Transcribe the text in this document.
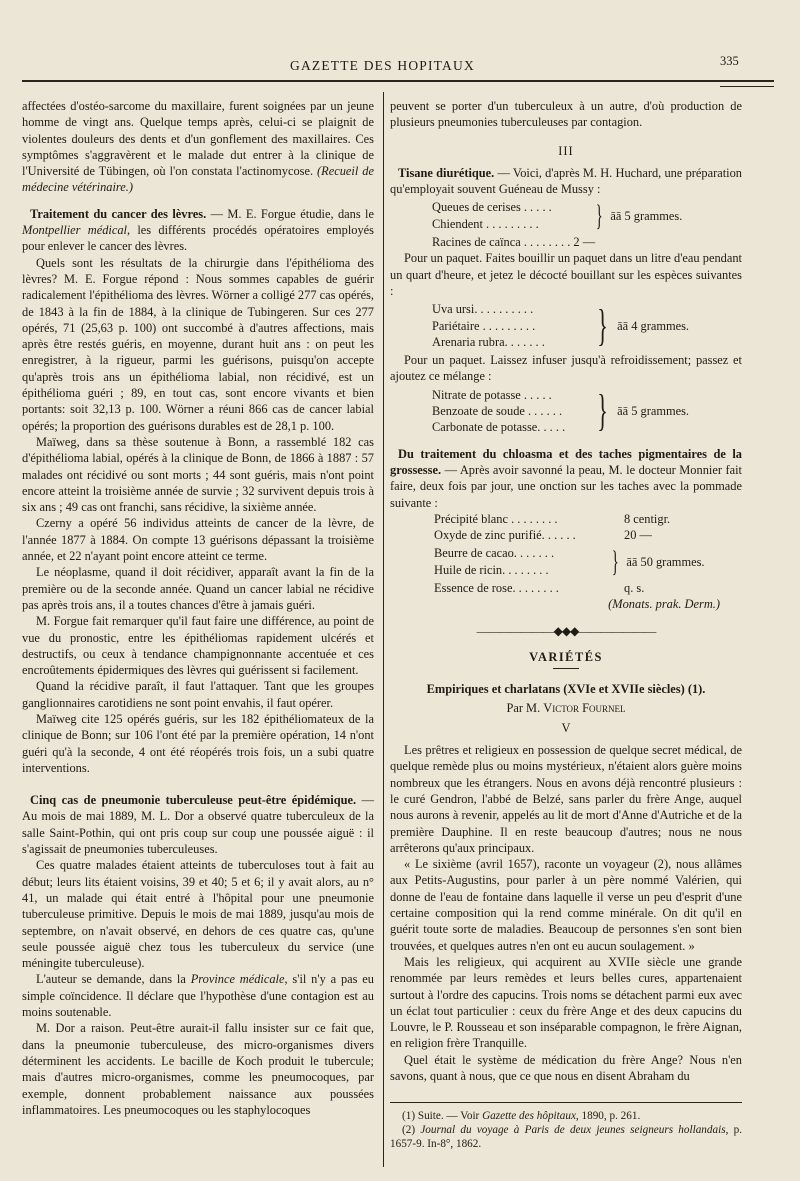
GAZETTE DES HOPITAUX	335

affectées d'ostéo-sarcome du maxillaire, furent soignées par un jeune homme de vingt ans. Quelque temps après, celui-ci se plaignit de violentes douleurs des dents et d'un gonflement des maxillaires. Ces symptômes s'aggravèrent et le malade dut entrer à la clinique de l'Université de Tübingen, où l'on constata l'actinomycose. (Recueil de médecine vétérinaire.)

Traitement du cancer des lèvres. — M. E. Forgue étudie, dans le Montpellier médical, les différents procédés opératoires employés pour enlever le cancer des lèvres.

Quels sont les résultats de la chirurgie dans l'épithélioma des lèvres? M. E. Forgue répond : Nous sommes capables de guérir radicalement l'épithélioma des lèvres. Wörner a colligé 277 cas opérés, de 1843 à la fin de 1884, à la clinique de Tubingeren. Sur ces 277 opérés, 71 (25,63 p. 100) ont succombé à d'autres affections, mais après être restés guéris, en moyenne, durant huit ans : on peut les enregistrer, à la rigueur, parmi les guérisons, puisqu'on accepte qu'après trois ans un épithélioma labial, non récidivé, est un épithélioma guéri ; 89, en tout cas, sont encore vivants et bien portants: soit 32,13 p. 100. Wörner a réuni 866 cas de cancer labial opérés; la proportion des guérisons durables est de 28,1 p. 100.

Maïweg, dans sa thèse soutenue à Bonn, a rassemblé 182 cas d'épithélioma labial, opérés à la clinique de Bonn, de 1866 à 1887 : 57 malades ont récidivé ou sont morts ; 44 sont guéris, mais n'ont point encore atteint la troisième année de survie ; 32 survivent depuis trois à six ans ; 49 cas ont franchi, sans récidive, la sixième année.

Czerny a opéré 56 individus atteints de cancer de la lèvre, de l'année 1877 à 1884. On compte 13 guérisons dépassant la troisième année, et 22 n'ayant point encore atteint ce terme.

Le néoplasme, quand il doit récidiver, apparaît avant la fin de la première ou de la seconde année. Quand un cancer labial ne récidive pas après trois ans, il a toutes chances d'être à jamais guéri.

M. Forgue fait remarquer qu'il faut faire une différence, au point de vue du pronostic, entre les épithéliomas rapidement ulcérés et destructifs, ou ceux à tendance champignonnante accentuée et ces encroûtements épidermiques des lèvres qui guérissent si facilement.

Quand la récidive paraît, il faut l'attaquer. Tant que les groupes ganglionnaires carotidiens ne sont point envahis, il faut opérer.

Maïweg cite 125 opérés guéris, sur les 182 épithéliomateux de la clinique de Bonn; sur 106 l'ont été par la première opération, 14 n'ont guéri qu'à la seconde, 4 ont été réopérés trois fois, un a subi quatre interventions.

Cinq cas de pneumonie tuberculeuse peut-être épidémique. — Au mois de mai 1889, M. L. Dor a observé quatre tuberculeux de la salle Saint-Pothin, qui ont pris coup sur coup une poussée aiguë : il s'agissait de pneumonies tuberculeuses.

Ces quatre malades étaient atteints de tuberculoses tout à fait au début; leurs lits étaient voisins, 39 et 40; 5 et 6; il y avait alors, au n° 41, un malade qui était entré à l'hôpital pour une pneumonie tuberculeuse primitive. Depuis le mois de mai 1889, jusqu'au mois de septembre, on n'avait observé, en dehors de ces quatre cas, qu'une seule poussée aiguë chez tous les tuberculeux du service (une méningite tuberculeuse).

L'auteur se demande, dans la Province médicale, s'il n'y a pas eu simple coïncidence. Il déclare que l'hypothèse d'une contagion est au moins soutenable.

M. Dor a raison. Peut-être aurait-il fallu insister sur ce fait que, dans la pneumonie tuberculeuse, des micro-organismes divers déterminent les accidents. Le bacille de Koch produit le tubercule; mais d'autres micro-organismes, comme les pneumocoques, par exemple, donnent probablement naissance aux poussées inflammatoires. Les pneumocoques ou les staphylocoques

peuvent se porter d'un tuberculeux à un autre, d'où production de plusieurs pneumonies tuberculeuses par contagion.

III
Tisane diurétique. — Voici, d'après M. H. Huchard, une préparation qu'employait souvent Guéneau de Mussy :
Queues de cerises . . . . .
Chiendent . . . . . . . . .	} āā 5 grammes.
Racines de caïnca . . . . . . . . 2 —

Pour un paquet. Faites bouillir un paquet dans un litre d'eau pendant un quart d'heure, et jetez le décocté bouillant sur les espèces suivantes :

Uva ursi. . . . . . . . . .
Pariétaire . . . . . . . . .
Arenaria rubra. . . . . . .	} āā 4 grammes.

Pour un paquet. Laissez infuser jusqu'à refroidissement; passez et ajoutez ce mélange :

Nitrate de potasse . . . . .
Benzoate de soude . . . . . .
Carbonate de potasse. . . . . } āā 5 grammes.
Du traitement du chloasma et des taches pigmentaires de la grossesse. — Après avoir savonné la peau, M. le docteur Monnier fait faire, deux fois par jour, une onction sur les taches avec la pommade suivante :
Précipité blanc . . . . . . . .	8 centigr.
Oxyde de zinc purifié. . . . . .	20 —
Beurre de cacao. . . . . . .
Huile de ricin. . . . . . . .	} āā 50 grammes.
Essence de rose. . . . . . . .	q. s.
(Monats. prak. Derm.)
———————◆◆◆———————
VARIÉTÉS
Empiriques et charlatans (XVIe et XVIIe siècles) (1).
Par M. Victor Fournel
V

Les prêtres et religieux en possession de quelque secret médical, de quelque remède plus ou moins mystérieux, n'étaient alors guère moins nombreux que les étrangers. Nous en avons déjà rencontré plusieurs : le curé Gendron, l'abbé de Belzé, sans parler du frère Ange, auquel nous aurons à revenir, appelés au lit de mort d'Anne d'Autriche et de la première Dauphine. Il en reste beaucoup d'autres; nous ne nous arrêterons qu'aux principaux.

« Le sixième (avril 1657), raconte un voyageur (2), nous allâmes aux Petits-Augustins, pour parler à un père nommé Valérien, qui donne de l'eau de fontaine dans laquelle il verse un peu d'esprit d'une certaine composition qui la rend comme minérale. On dit qu'il en guérit toute sorte de maladies. Beaucoup de personnes s'en sont bien trouvées, et quelques autres n'en ont eu aucun soulagement. »

Mais les religieux, qui acquirent au XVIIe siècle une grande renommée par leurs remèdes et leurs belles cures, appartenaient surtout à l'ordre des capucins. Trois noms se détachent parmi eux avec un éclat tout particulier : ceux du frère Ange et des deux capucins du Louvre, le P. Rousseau et son inséparable compagnon, le frère Aignan, en religion frère Tranquille.

Quel était le système de médication du frère Ange? Nous n'en savons, quant à nous, que ce que nous en disent Abraham du

(1) Suite. — Voir Gazette des hôpitaux, 1890, p. 261.
(2) Journal du voyage à Paris de deux jeunes seigneurs hollandais, p. 1657-9. In-8°, 1862.
